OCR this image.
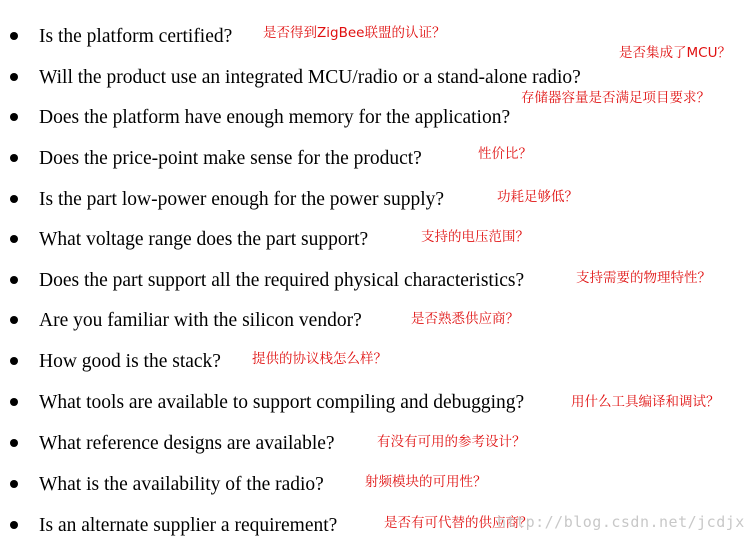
Is the platform certified? 是否得到ZigBee联盟的认证？
Will the product use an integrated MCU/radio or a stand-alone radio?
是否集成了MCU？
Does the platform have enough memory for the application?
存储器容量是否满足项目要求？
Does the price-point make sense for the product?	性价比？
Is the part low-power enough for the power supply?	功耗足够低？
What voltage range does the part support?	支持的电压范围？
Does the part support all the required physical characteristics?	支持需要的物理特性？
Are you familiar with the silicon vendor?	是否熟悉供应商？
How good is the stack? 提供的协议栈怎么样？
What tools are available to support compiling and debugging?	用什么工具编译和调试？
What reference designs are available?	有没有可用的参考设计？
What is the availability of the radio?	射频模块的可用性？
Is an alternate supplier a requirement?	是否有可代替的供应商？
http://blog.csdn.net/jcdjx
